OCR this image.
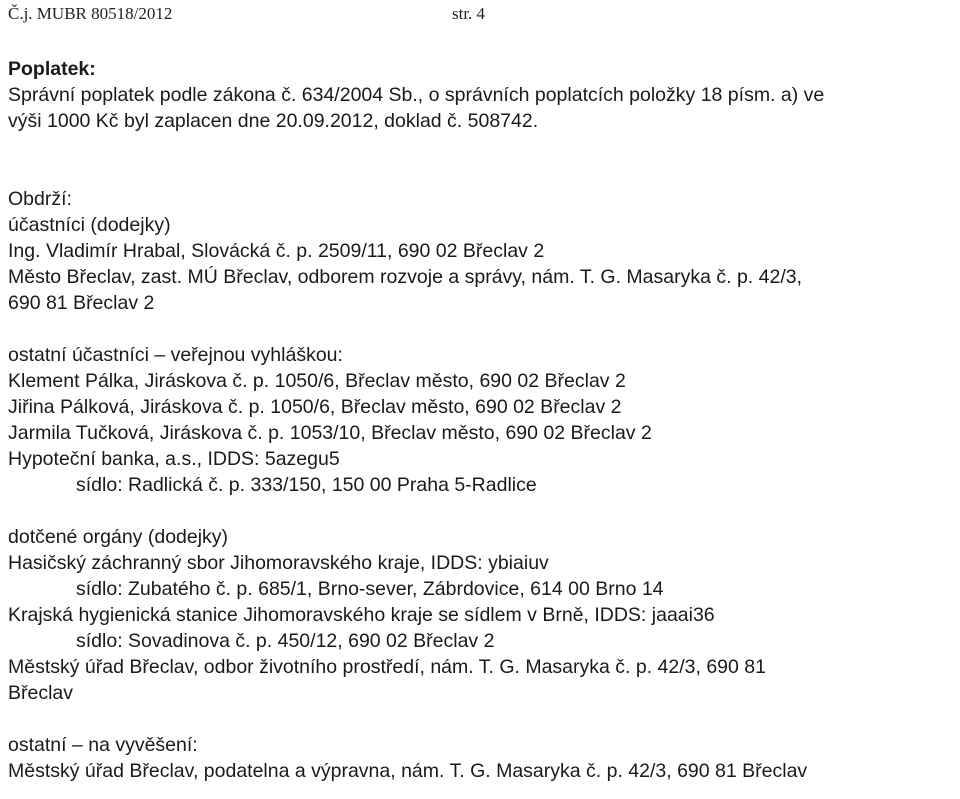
Č.j. MUBR 80518/2012	str. 4
Poplatek:
Správní poplatek podle zákona č. 634/2004 Sb., o správních poplatcích položky 18 písm. a) ve
výši 1000 Kč byl zaplacen dne 20.09.2012, doklad č. 508742.
Obdrží:
účastníci (dodejky)
Ing. Vladimír Hrabal, Slovácká č. p. 2509/11, 690 02 Břeclav 2
Město Břeclav, zast. MÚ Břeclav, odborem rozvoje a správy, nám. T. G. Masaryka č. p. 42/3,
690 81 Břeclav 2
ostatní účastníci – veřejnou vyhláškou:
Klement Pálka, Jiráskova č. p. 1050/6, Břeclav město, 690 02 Břeclav 2
Jiřina Pálková, Jiráskova č. p. 1050/6, Břeclav město, 690 02 Břeclav 2
Jarmila Tučková, Jiráskova č. p. 1053/10, Břeclav město, 690 02 Břeclav 2
Hypoteční banka, a.s., IDDS: 5azegu5
sídlo: Radlická č. p. 333/150, 150 00 Praha 5-Radlice
dotčené orgány (dodejky)
Hasičský záchranný sbor Jihomoravského kraje, IDDS: ybiaiuv
sídlo: Zubatého č. p. 685/1, Brno-sever, Zábrdovice, 614 00 Brno 14
Krajská hygienická stanice Jihomoravského kraje se sídlem v Brně, IDDS: jaaai36
sídlo: Sovadinova č. p. 450/12, 690 02 Břeclav 2
Městský úřad Břeclav, odbor životního prostředí, nám. T. G. Masaryka č. p. 42/3, 690 81
Břeclav
ostatní – na vyvěšení:
Městský úřad Břeclav, podatelna a výpravna, nám. T. G. Masaryka č. p. 42/3, 690 81 Břeclav
